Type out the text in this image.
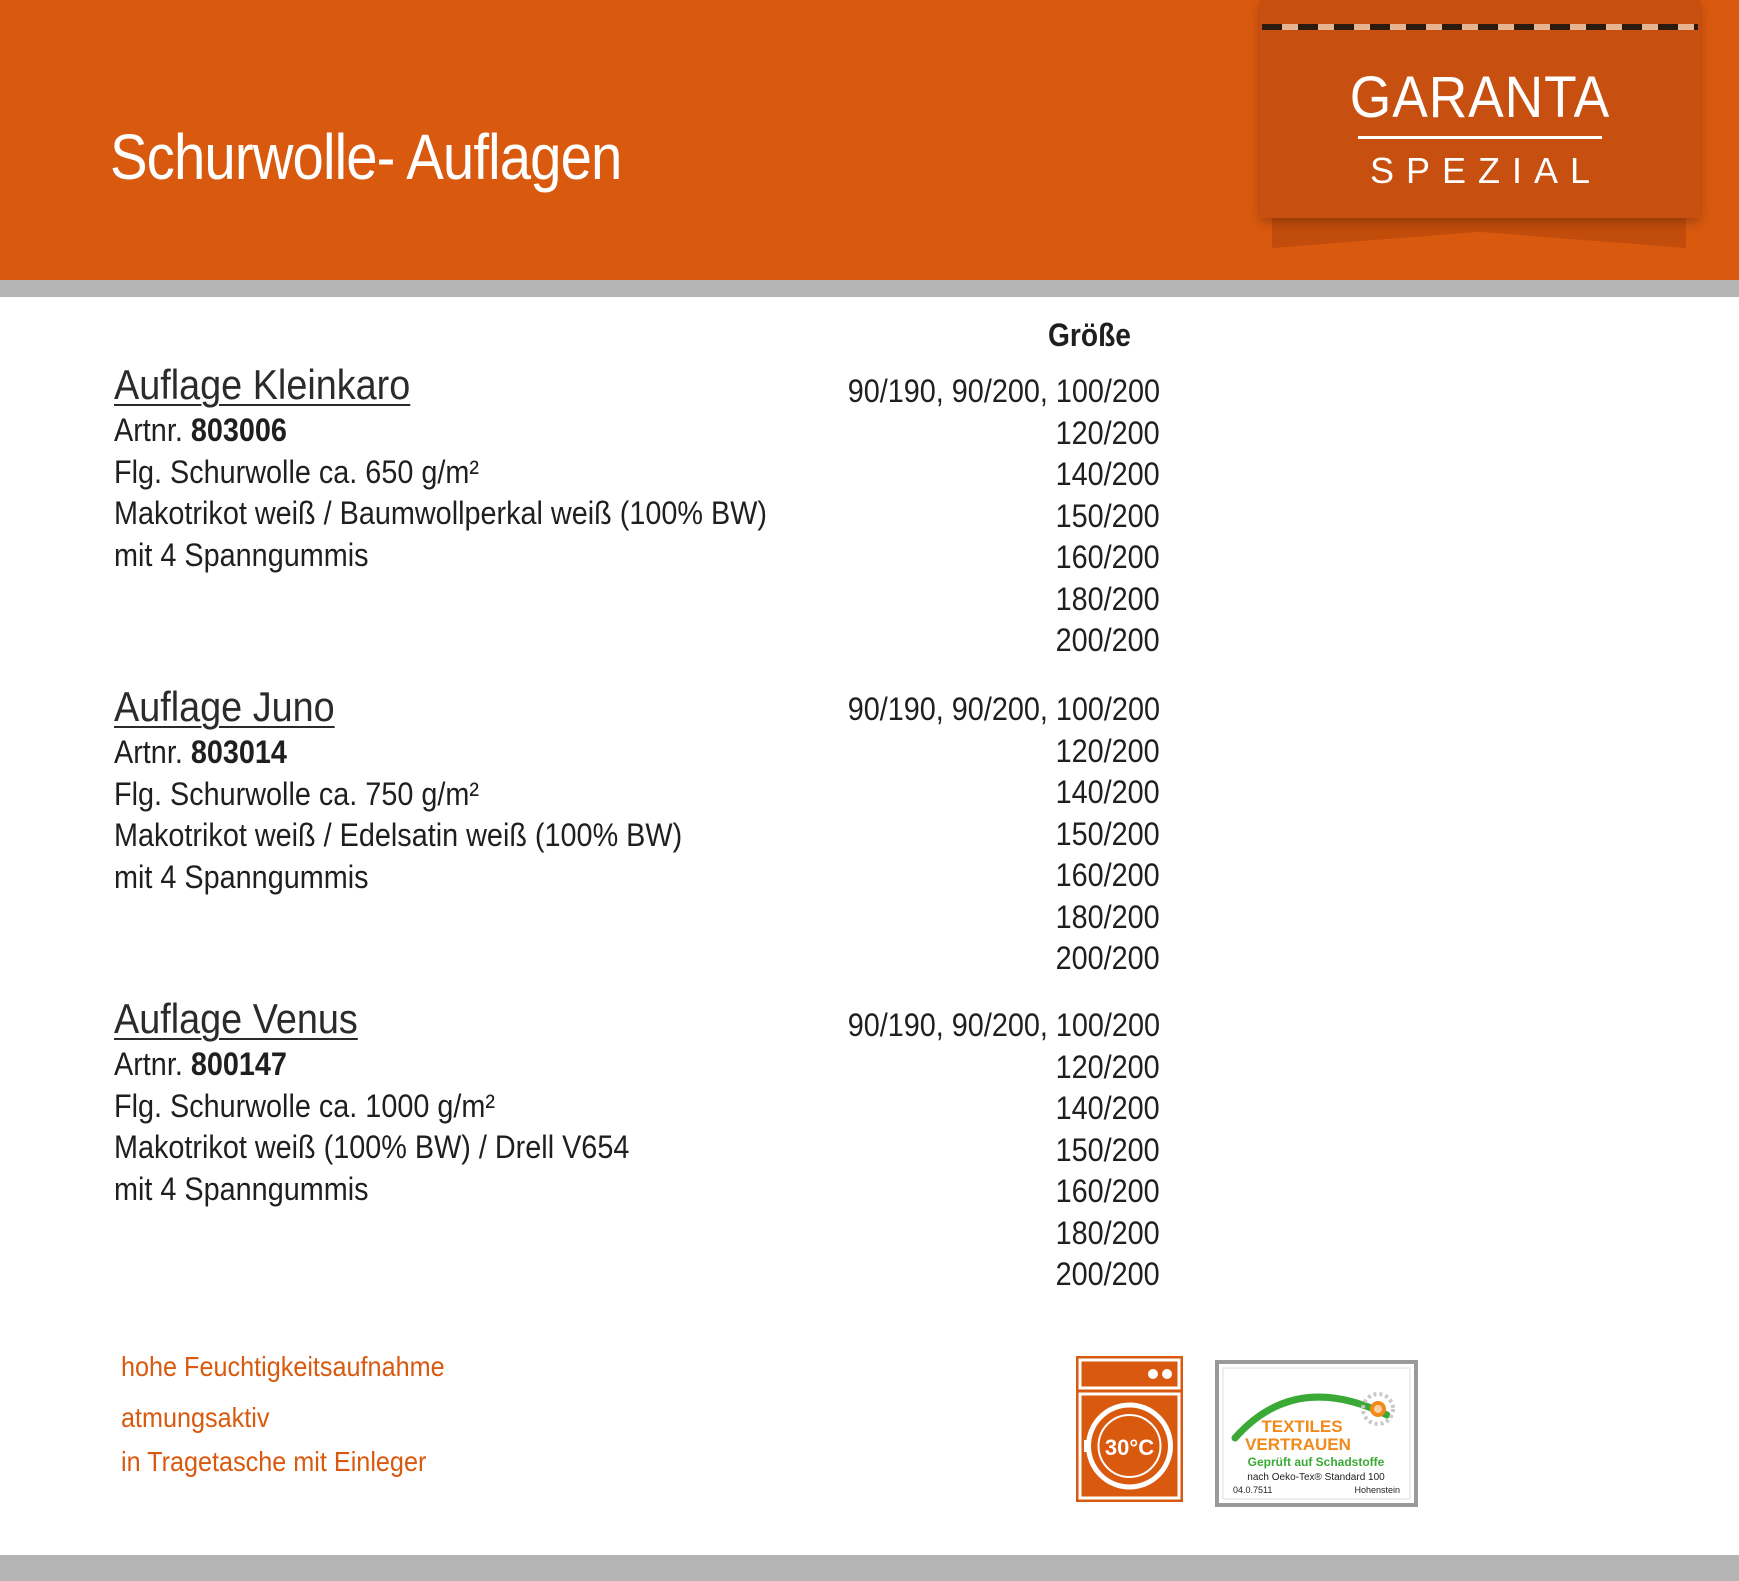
Schurwolle- Auflagen
GARANTA
SPEZIAL
Größe
Auflage Kleinkaro
Artnr. 803006
Flg. Schurwolle ca. 650 g/m²
Makotrikot weiß / Baumwollperkal weiß (100% BW)
mit 4 Spanngummis
90/190, 90/200, 100/200
120/200
140/200
150/200
160/200
180/200
200/200
Auflage Juno
Artnr. 803014
Flg. Schurwolle ca. 750 g/m²
Makotrikot weiß / Edelsatin weiß (100% BW)
mit 4 Spanngummis
90/190, 90/200, 100/200
120/200
140/200
150/200
160/200
180/200
200/200
Auflage Venus
Artnr. 800147
Flg. Schurwolle ca. 1000 g/m²
Makotrikot weiß (100% BW) / Drell V654
mit 4 Spanngummis
90/190, 90/200, 100/200
120/200
140/200
150/200
160/200
180/200
200/200
hohe Feuchtigkeitsaufnahme
atmungsaktiv
in Tragetasche mit Einleger	30°C
TEXTILES
VERTRAUEN
Geprüft auf Schadstoffe
nach Oeko-Tex® Standard 100
04.0.7511	Hohenstein
